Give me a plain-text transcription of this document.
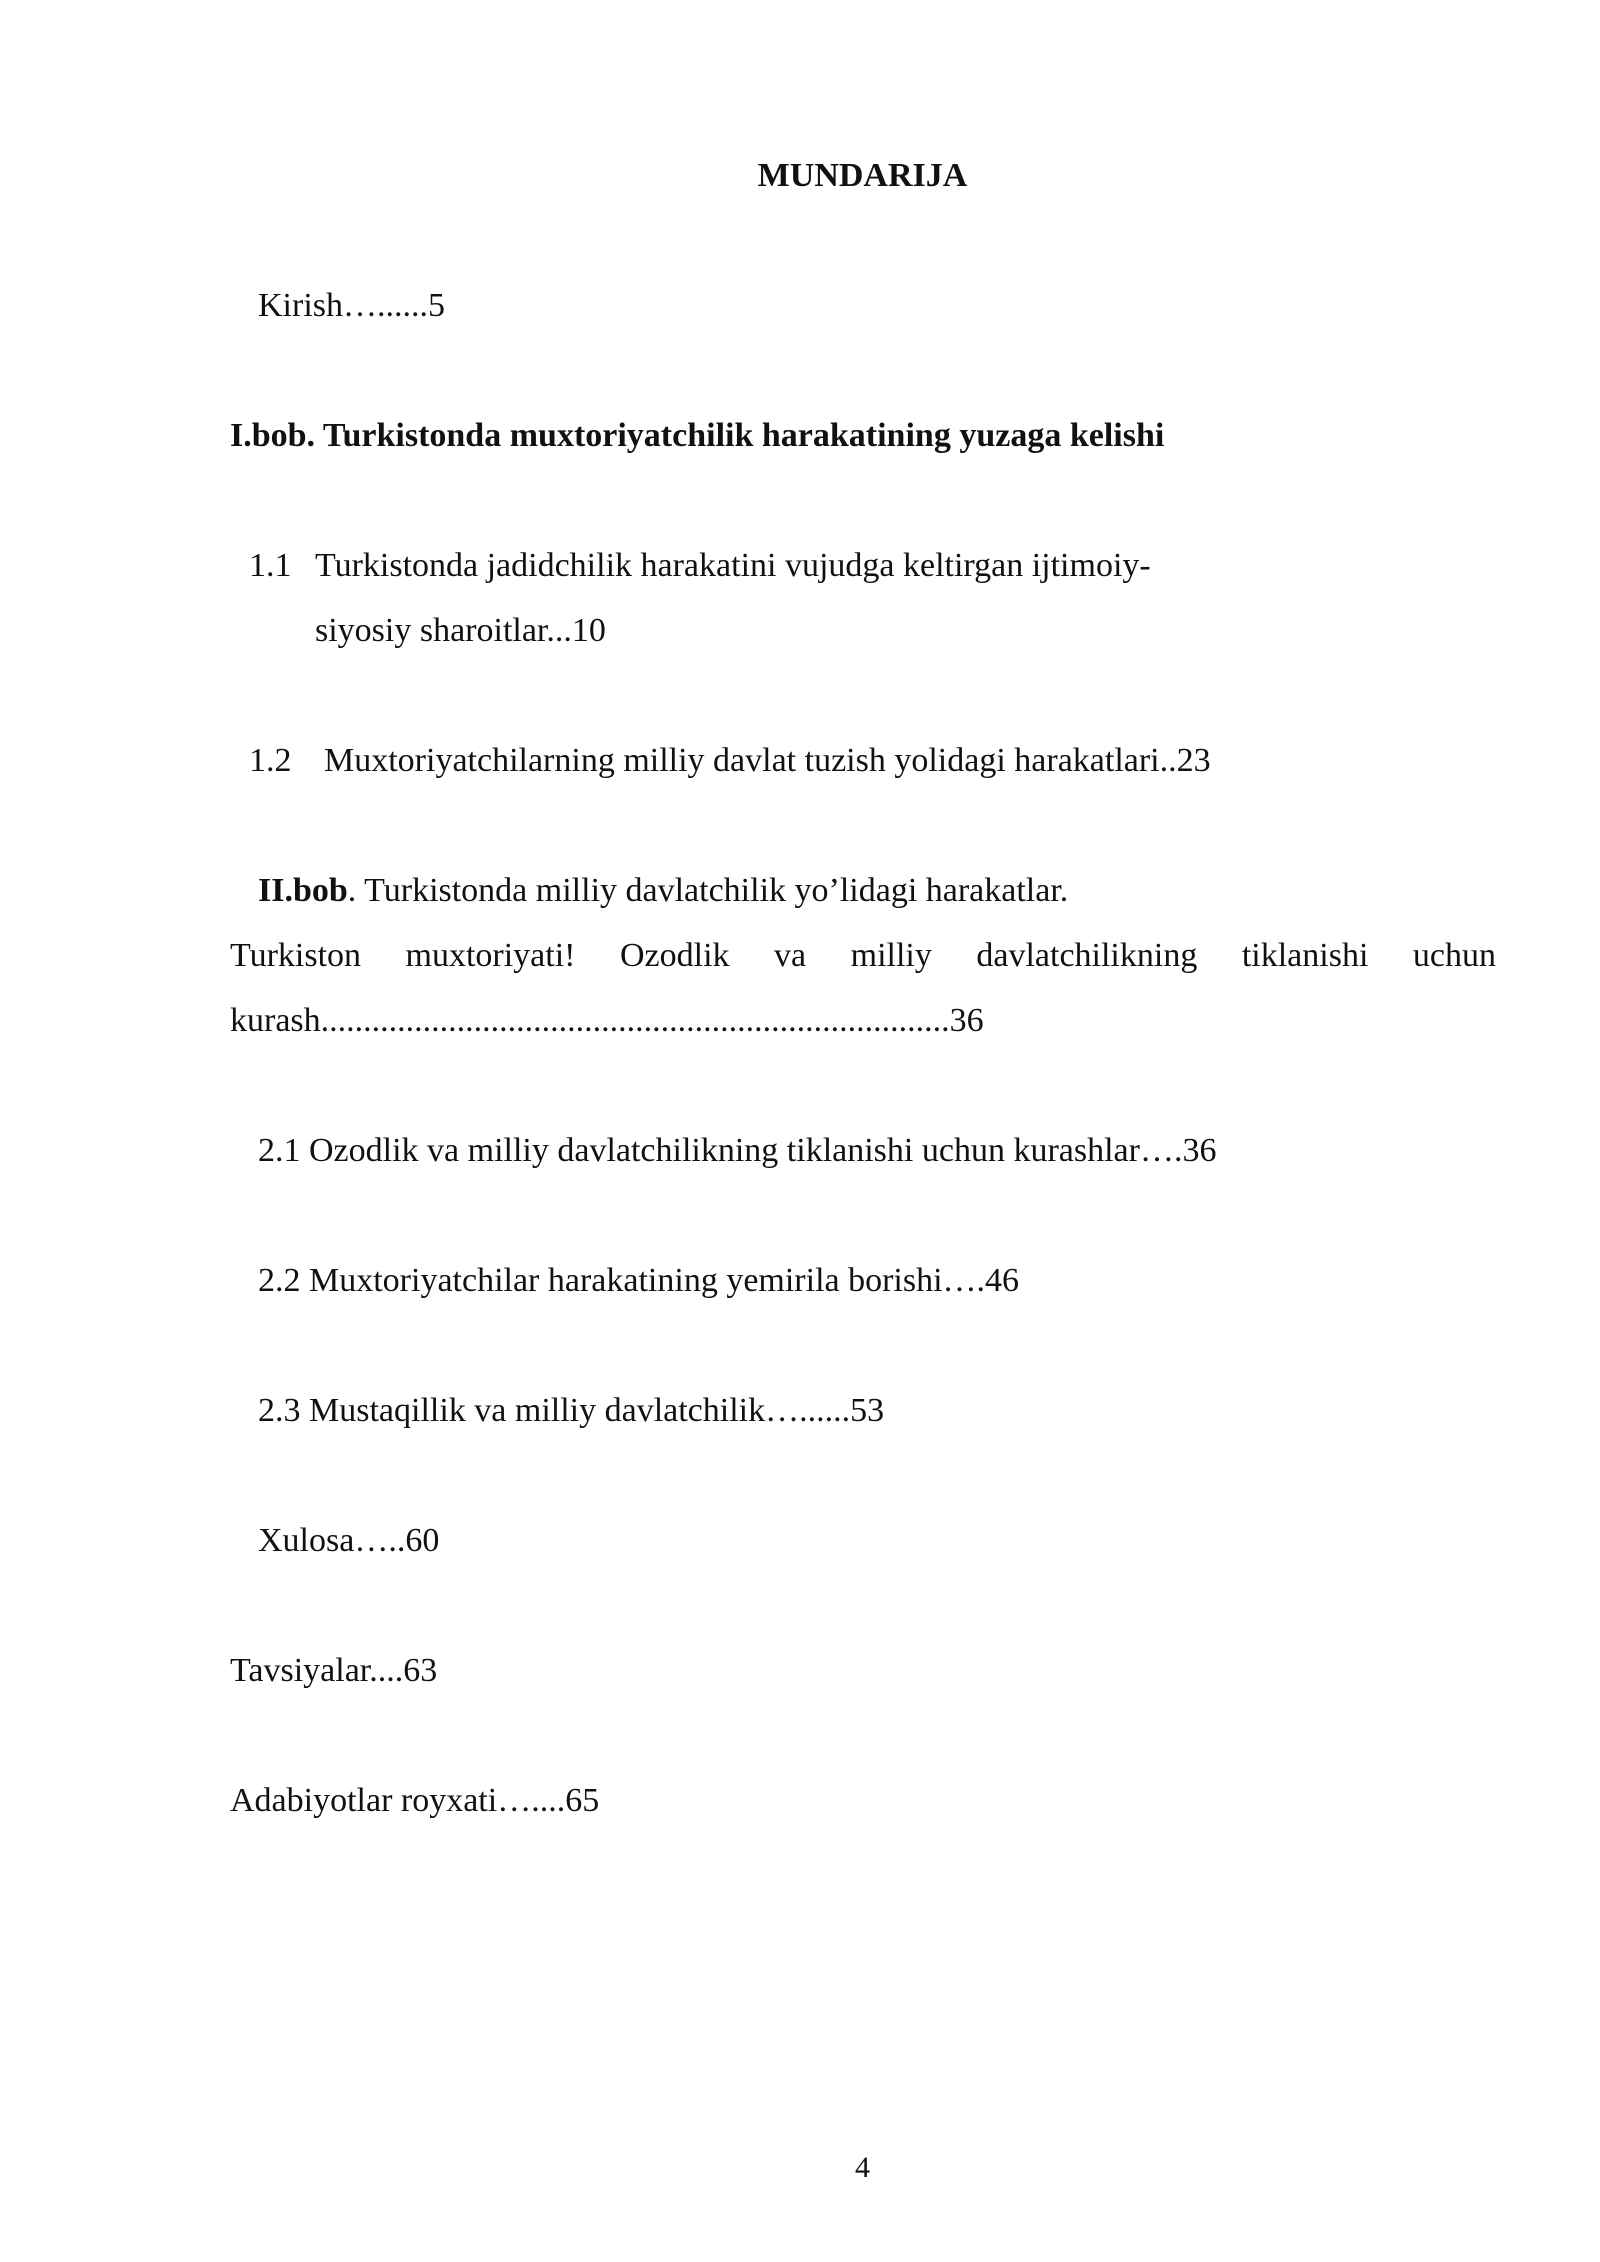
MUNDARIJA
Kirish…......5
I.bob. Turkistonda muxtoriyatchilik harakatining yuzaga kelishi
1.1 Turkistonda jadidchilik harakatini vujudga keltirgan ijtimoiy-
siyosiy sharoitlar...10
1.2 Muxtoriyatchilarning milliy davlat tuzish yolidagi harakatlari..23
II.bob. Turkistonda milliy davlatchilik yo’lidagi harakatlar.
Turkiston muxtoriyati! Ozodlik va milliy davlatchilikning tiklanishi uchun
kurash..........................................................................36
2.1 Ozodlik va milliy davlatchilikning tiklanishi uchun kurashlar….36
2.2 Muxtoriyatchilar harakatining yemirila borishi….46
2.3 Mustaqillik va milliy davlatchilik…......53
Xulosa…..60
Tavsiyalar....63
Adabiyotlar royxati…....65
4
